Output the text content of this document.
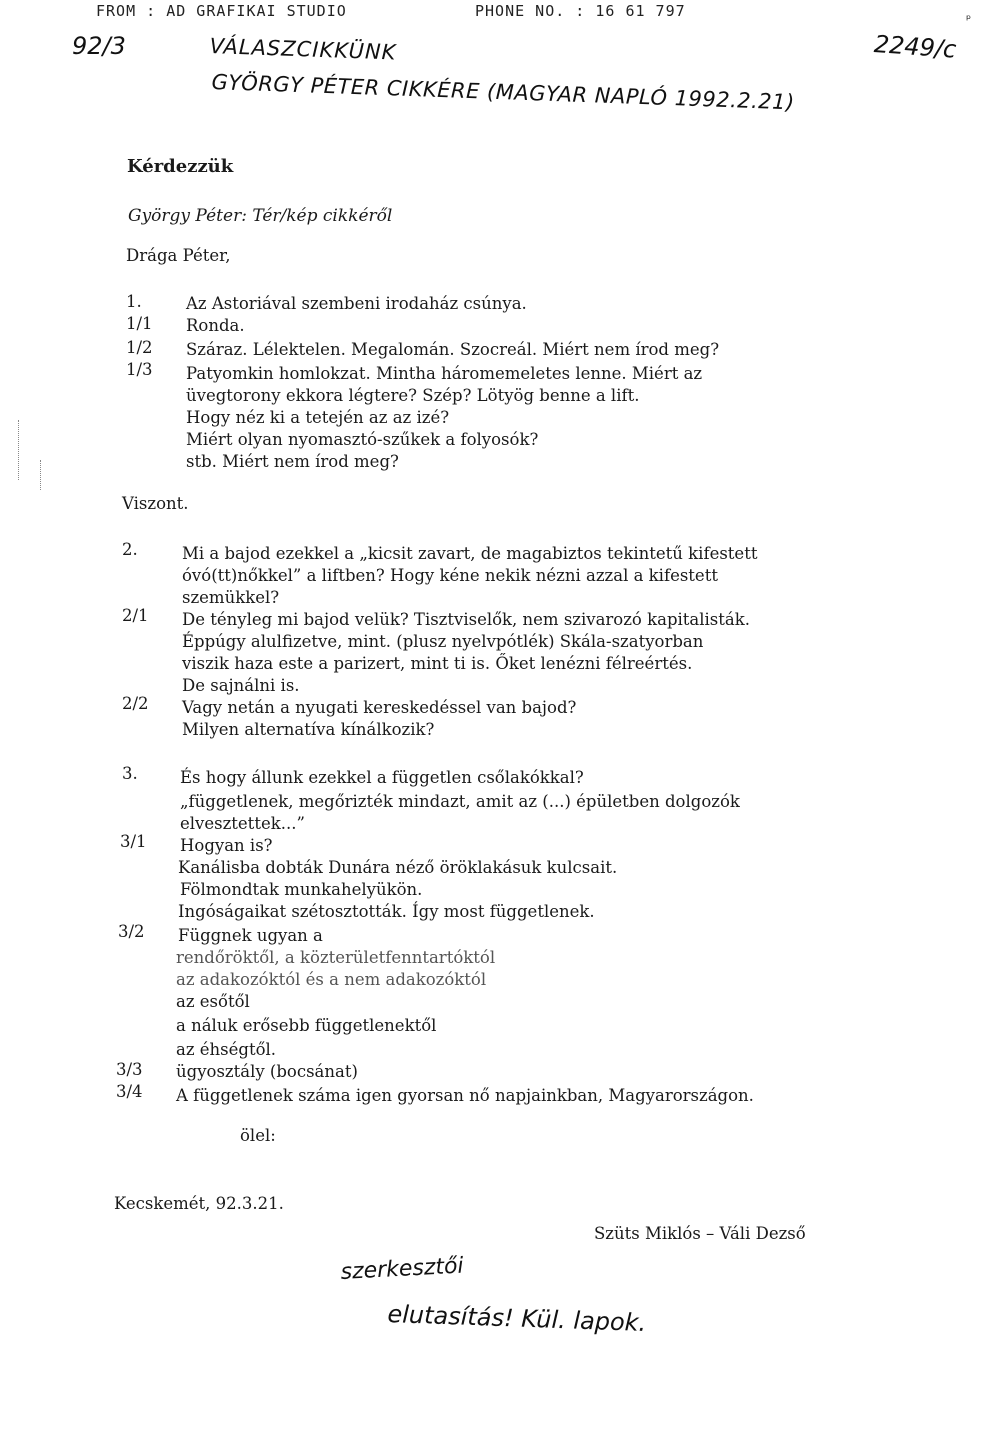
FROM : AD GRAFIKAI STUDIO	PHONE NO. : 16 61 797
92/3	VÁLASZCIKKÜNK
GYÖRGY PÉTER CIKKÉRE (MAGYAR NAPLÓ 1992.2.21)
2249/c
Kérdezzük
György Péter: Tér/kép cikkéről
Drága Péter,
1.	Az Astoriával szembeni irodaház csúnya.
1/1 Ronda.
1/2 Száraz. Lélektelen. Megalomán. Szocreál. Miért nem írod meg?
1/3 Patyomkin homlokzat. Mintha háromemeletes lenne. Miért az
üvegtorony ekkora légtere? Szép? Lötyög benne a lift.
Hogy néz ki a tetején az az izé?
Miért olyan nyomasztó-szűkek a folyosók?
stb. Miért nem írod meg?
Viszont.
2.	Mi a bajod ezekkel a „kicsit zavart, de magabiztos tekintetű kifestett
óvó(tt)nőkkel” a liftben? Hogy kéne nekik nézni azzal a kifestett
szemükkel?
2/1 De tényleg mi bajod velük? Tisztviselők, nem szivarozó kapitalisták.
Éppúgy alulfizetve, mint. (plusz nyelvpótlék) Skála-szatyorban
viszik haza este a parizert, mint ti is. Őket lenézni félreértés.
De sajnálni is.
2/2 Vagy netán a nyugati kereskedéssel van bajod?
Milyen alternatíva kínálkozik?
3.	És hogy állunk ezekkel a független csőlakókkal?
„függetlenek, megőrizték mindazt, amit az (...) épületben dolgozók
elvesztettek...”
3/1 Hogyan is?
Kanálisba dobták Dunára néző öröklakásuk kulcsait.
Fölmondtak munkahelyükön.
Ingóságaikat szétosztották. Így most függetlenek.
3/2 Függnek ugyan a
rendőröktől, a közterületfenntartóktól
az adakozóktól és a nem adakozóktól
az esőtől
a náluk erősebb függetlenektől
az éhségtől.
3/3 ügyosztály (bocsánat)
3/4 A függetlenek száma igen gyorsan nő napjainkban, Magyarországon.
ölel:
Kecskemét, 92.3.21.
Szüts Miklós – Váli Dezső
szerkesztői
elutasítás! Kül. lapok.
ᵖ
